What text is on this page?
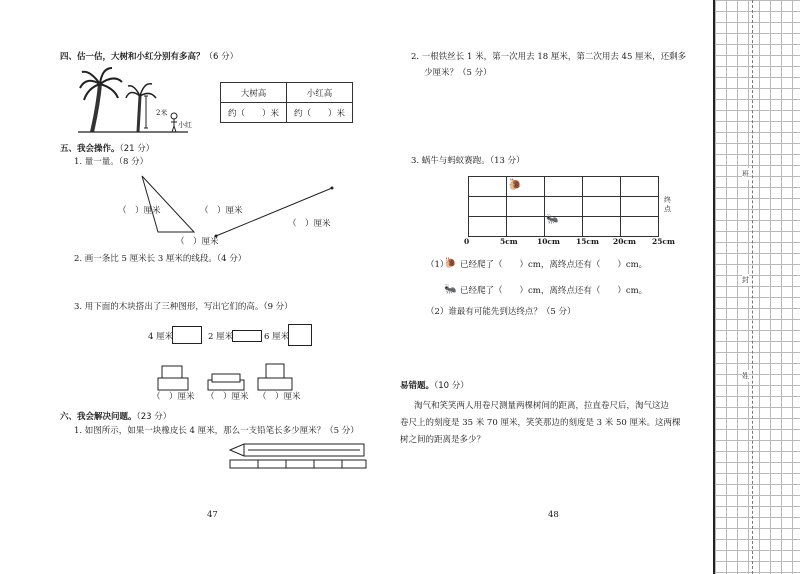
四、估一估，大树和小红分别有多高？（6 分）
2米
小红
大树高	小红高
约（　　）米	约（　　）米
五、我会操作。（21 分）
1. 量一量。（8 分）
（　）厘米	（　）厘米
（　）厘米
（　）厘米
2. 画一条比 5 厘米长 3 厘米的线段。（4 分）
3. 用下面的木块搭出了三种图形，写出它们的高。（9 分）
4 厘米	2 厘米	6 厘米
（　）厘米 （　）厘米 （　）厘米
六、我会解决问题。（23 分）
1. 如图所示，如果一块橡皮长 4 厘米，那么一支铅笔长多少厘米？（5 分）
47
2. 一根铁丝长 1 米，第一次用去 18 厘米，第二次用去 45 厘米，还剩多
少厘米？（5 分）
3. 蜗牛与蚂蚁赛跑。（13 分）

🐌
🐜
终
点
0	5cm	10cm 15cm 20cm 25cm
（1）
🐌 已经爬了（　　）cm，离终点还有（　　）cm。
🐜 已经爬了（　　）cm，离终点还有（　　）cm。
（2）谁最有可能先到达终点？（5 分）
易错题。（10 分）
淘气和笑笑两人用卷尺测量两棵树间的距离，拉直卷尺后，淘气这边
卷尺上的刻度是 35 米 70 厘米，笑笑那边的刻度是 3 米 50 厘米。这两棵
树之间的距离是多少？
48
班
封
姓
